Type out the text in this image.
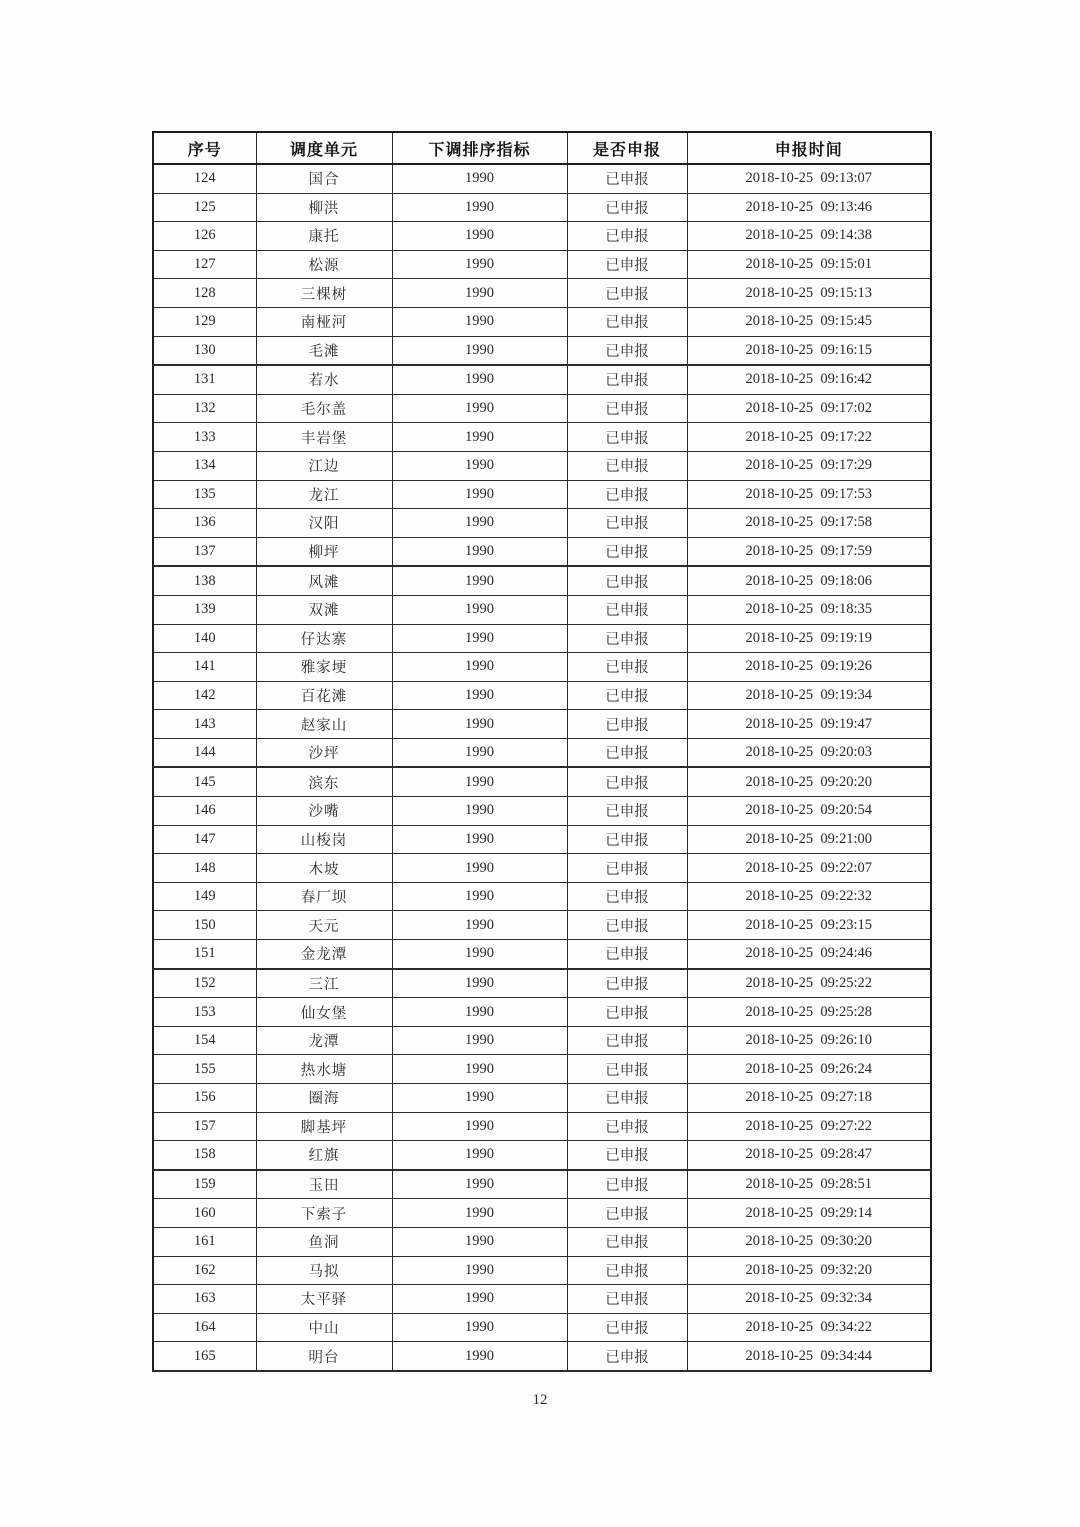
序号	调度单元	下调排序指标	是否申报	申报时间
124	国合	1990	已申报	2018-10-25  09:13:07
125	柳洪	1990	已申报	2018-10-25  09:13:46
126	康托	1990	已申报	2018-10-25  09:14:38
127	松源	1990	已申报	2018-10-25  09:15:01
128	三棵树	1990	已申报	2018-10-25  09:15:13
129	南桠河	1990	已申报	2018-10-25  09:15:45
130	毛滩	1990	已申报	2018-10-25  09:16:15
131	若水	1990	已申报	2018-10-25  09:16:42
132	毛尔盖	1990	已申报	2018-10-25  09:17:02
133	丰岩堡	1990	已申报	2018-10-25  09:17:22
134	江边	1990	已申报	2018-10-25  09:17:29
135	龙江	1990	已申报	2018-10-25  09:17:53
136	汉阳	1990	已申报	2018-10-25  09:17:58
137	柳坪	1990	已申报	2018-10-25  09:17:59
138	风滩	1990	已申报	2018-10-25  09:18:06
139	双滩	1990	已申报	2018-10-25  09:18:35
140	仔达寨	1990	已申报	2018-10-25  09:19:19
141	雅家埂	1990	已申报	2018-10-25  09:19:26
142	百花滩	1990	已申报	2018-10-25  09:19:34
143	赵家山	1990	已申报	2018-10-25  09:19:47
144	沙坪	1990	已申报	2018-10-25  09:20:03
145	滨东	1990	已申报	2018-10-25  09:20:20
146	沙嘴	1990	已申报	2018-10-25  09:20:54
147	山梭岗	1990	已申报	2018-10-25  09:21:00
148	木坡	1990	已申报	2018-10-25  09:22:07
149	春厂坝	1990	已申报	2018-10-25  09:22:32
150	天元	1990	已申报	2018-10-25  09:23:15
151	金龙潭	1990	已申报	2018-10-25  09:24:46
152	三江	1990	已申报	2018-10-25  09:25:22
153	仙女堡	1990	已申报	2018-10-25  09:25:28
154	龙潭	1990	已申报	2018-10-25  09:26:10
155	热水塘	1990	已申报	2018-10-25  09:26:24
156	圈海	1990	已申报	2018-10-25  09:27:18
157	脚基坪	1990	已申报	2018-10-25  09:27:22
158	红旗	1990	已申报	2018-10-25  09:28:47
159	玉田	1990	已申报	2018-10-25  09:28:51
160	下索子	1990	已申报	2018-10-25  09:29:14
161	鱼洞	1990	已申报	2018-10-25  09:30:20
162	马拟	1990	已申报	2018-10-25  09:32:20
163	太平驿	1990	已申报	2018-10-25  09:32:34
164	中山	1990	已申报	2018-10-25  09:34:22
165	明台	1990	已申报	2018-10-25  09:34:44
12
